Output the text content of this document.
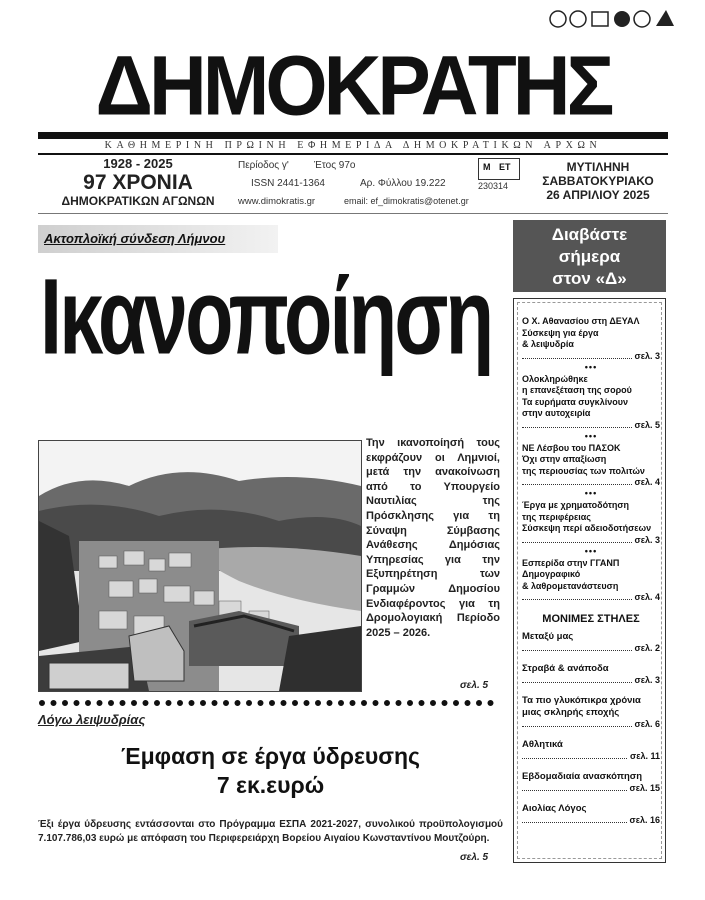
ΔΗΜΟΚΡΑΤΗΣ
ΚΑΘΗΜΕΡΙΝΗ ΠΡΩΙΝΗ ΕΦΗΜΕΡΙΔΑ ΔΗΜΟΚΡΑΤΙΚΩΝ ΑΡΧΩΝ
1928 - 2025
97 ΧΡΟΝΙΑ
ΔΗΜΟΚΡΑΤΙΚΩΝ ΑΓΩΝΩΝ
Περίοδος γ'	Έτος 97ο
ISSN 2441-1364	Αρ. Φύλλου 19.222
www.dimokratis.gr	email: ef_dimokratis@otenet.gr
M ET
230314
ΜΥΤΙΛΗΝΗ
ΣΑΒΒΑΤΟΚΥΡΙΑΚΟ
26 ΑΠΡΙΛΙΟΥ 2025
Ακτοπλοϊκή σύνδεση Λήμνου
Ικανοποίηση
Την ικανοποίησή τους εκφράζουν οι Λημνιοί, μετά την ανακοίνωση από το Υπουργείο Ναυτιλίας της Πρόσκλησης για τη Σύναψη Σύμβασης Ανάθεσης Δημόσιας Υπηρεσίας για την Εξυπηρέτηση των Γραμμών Δημοσίου Ενδιαφέροντος για τη Δρομολογιακή Περίοδο 2025 – 2026.
σελ. 5
Λόγω λειψυδρίας
Έμφαση σε έργα ύδρευσης
7 εκ.ευρώ
Έξι έργα ύδρευσης εντάσσονται στο Πρόγραμμα ΕΣΠΑ 2021-2027, συνολικού προϋπολογισμού 7.107.786,03 ευρώ με απόφαση του Περιφερειάρχη Βορείου Αιγαίου Κωνσταντίνου Μουτζούρη.
σελ. 5
Διαβάστε
σήμερα
στον «Δ»
Ο Χ. Αθανασίου στη ΔΕΥΑΛ
Σύσκεψη για έργα
& λειψυδρία
σελ. 3
•••
Ολοκληρώθηκε
η επανεξέταση της σορού
Τα ευρήματα συγκλίνουν
στην αυτοχειρία
σελ. 5
•••
ΝΕ Λέσβου του ΠΑΣΟΚ
Όχι στην απαξίωση
της περιουσίας των πολιτών
σελ. 4
•••
Έργα με χρηματοδότηση
της περιφέρειας
Σύσκεψη περί αδειοδοτήσεων
σελ. 3
•••
Εσπερίδα στην ΓΓΑΝΠ
Δημογραφικό
& λαθρομετανάστευση
σελ. 4
ΜΟΝΙΜΕΣ ΣΤΗΛΕΣ
Μεταξύ μας
σελ. 2
Στραβά & ανάποδα
σελ. 3
Τα πιο γλυκόπικρα χρόνια
μιας σκληρής εποχής
σελ. 6
Αθλητικά
σελ. 11
Εβδομαδιαία ανασκόπηση
σελ. 15
Αιολίας Λόγος
σελ. 16
